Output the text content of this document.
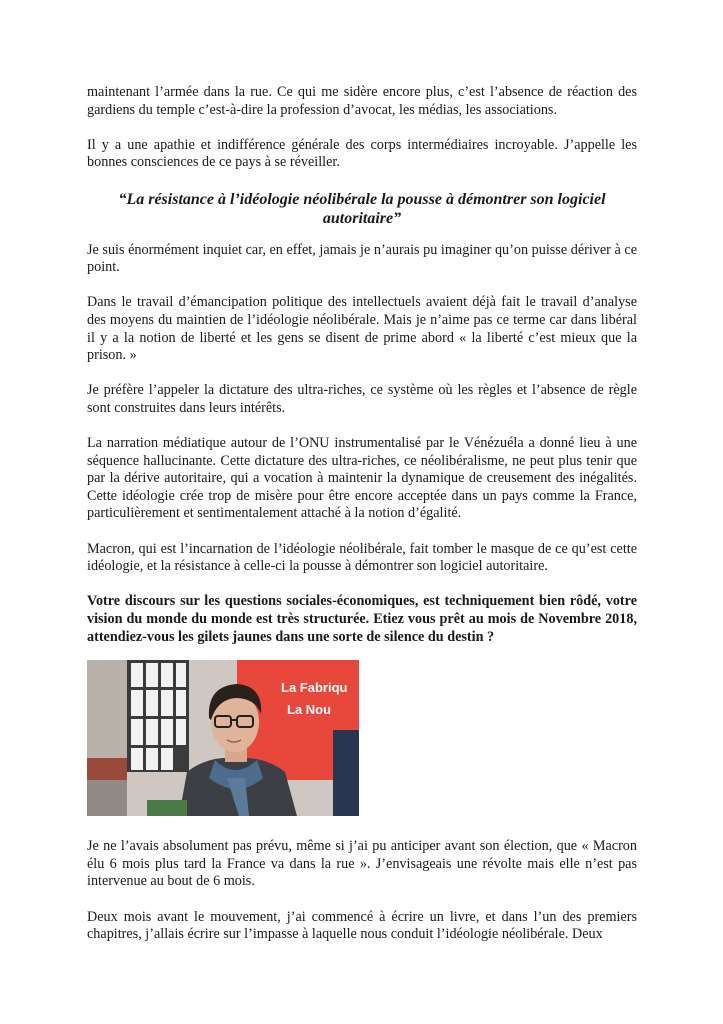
maintenant l’armée dans la rue. Ce qui me sidère encore plus, c’est l’absence de réaction des gardiens du temple c’est-à-dire la profession d’avocat, les médias, les associations.

Il y a une apathie et indifférence générale des corps intermédiaires incroyable. J’appelle les bonnes consciences de ce pays à se réveiller.

“La résistance à l’idéologie néolibérale la pousse à démontrer son logiciel autoritaire”

Je suis énormément inquiet car, en effet, jamais je n’aurais pu imaginer qu’on puisse dériver à ce point.

Dans le travail d’émancipation politique des intellectuels avaient déjà fait le travail d’analyse des moyens du maintien de l’idéologie néolibérale. Mais je n’aime pas ce terme car dans libéral il y a la notion de liberté et les gens se disent de prime abord « la liberté c’est mieux que la prison. »

Je préfère l’appeler la dictature des ultra-riches, ce système où les règles et l’absence de règle sont construites dans leurs intérêts.

La narration médiatique autour de l’ONU instrumentalisé par le Vénézuéla a donné lieu à une séquence hallucinante. Cette dictature des ultra-riches, ce néolibéralisme, ne peut plus tenir que par la dérive autoritaire, qui a vocation à maintenir la dynamique de creusement des inégalités. Cette idéologie crée trop de misère pour être encore acceptée dans un pays comme la France, particulièrement et sentimentalement attaché à la notion d’égalité.

Macron, qui est l’incarnation de l’idéologie néolibérale, fait tomber le masque de ce qu’est cette idéologie, et la résistance à celle-ci la pousse à démontrer son logiciel autoritaire.

Votre discours sur les questions sociales-économiques, est techniquement bien rôdé, votre vision du monde du monde est très structurée. Etiez vous prêt au mois de Novembre 2018, attendiez-vous les gilets jaunes dans une sorte de silence du destin ?

La Fabriqu
La Nou

Je ne l’avais absolument pas prévu, même si j’ai pu anticiper avant son élection, que « Macron élu 6 mois plus tard la France va dans la rue ». J’envisageais une révolte mais elle n’est pas intervenue au bout de 6 mois.

Deux mois avant le mouvement, j’ai commencé à écrire un livre, et dans l’un des premiers chapitres, j’allais écrire sur l’impasse à laquelle nous conduit l’idéologie néolibérale. Deux
